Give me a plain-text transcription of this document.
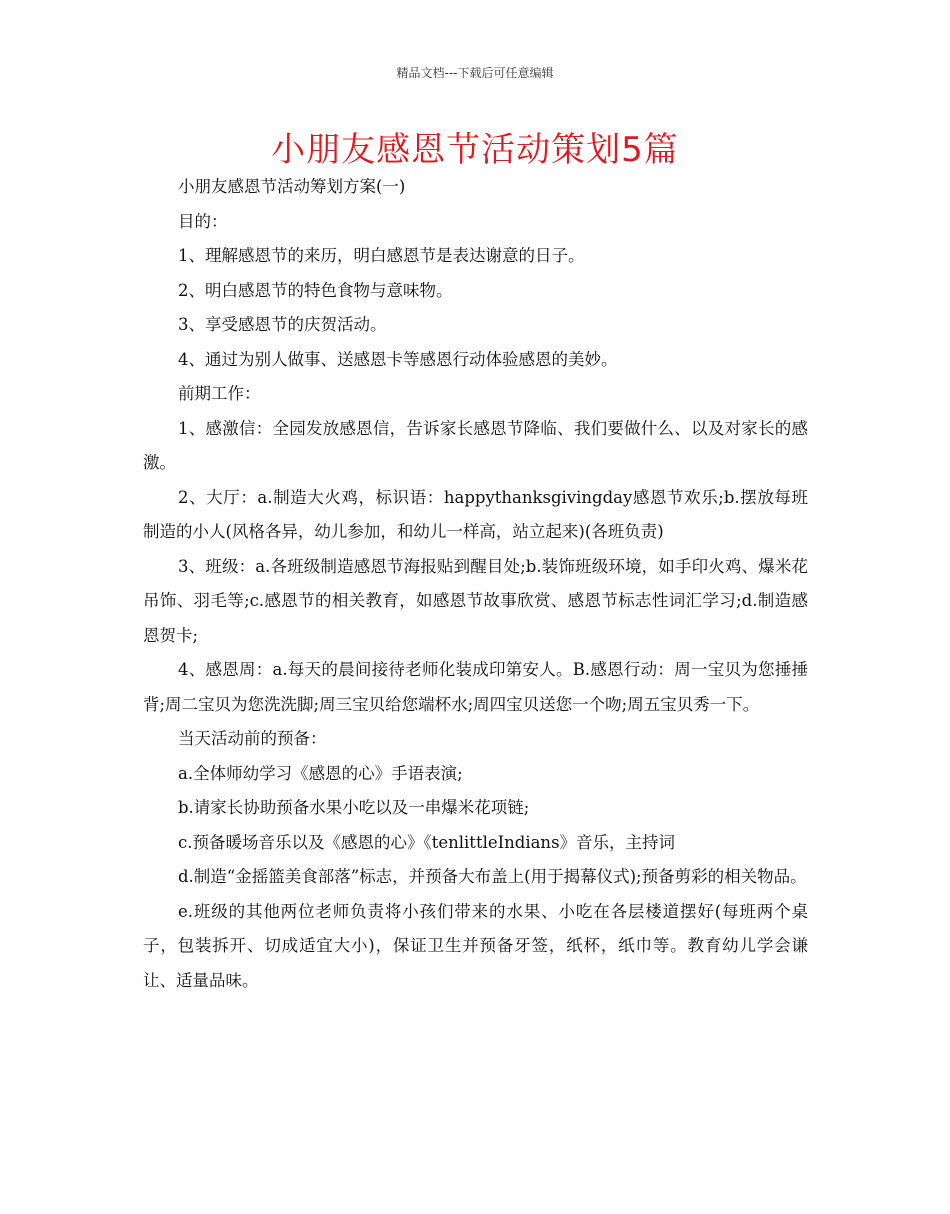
精品文档---下载后可任意编辑
小朋友感恩节活动策划5篇

小朋友感恩节活动筹划方案(一)

目的：

1、理解感恩节的来历，明白感恩节是表达谢意的日子。

2、明白感恩节的特色食物与意味物。

3、享受感恩节的庆贺活动。

4、通过为别人做事、送感恩卡等感恩行动体验感恩的美妙。

前期工作：

1、感激信：全园发放感恩信，告诉家长感恩节降临、我们要做什么、以及对家长的感激。

2、大厅：a.制造大火鸡，标识语：happythanksgivingday感恩节欢乐;b.摆放每班制造的小人(风格各异，幼儿参加，和幼儿一样高，站立起来)(各班负责)

3、班级：a.各班级制造感恩节海报贴到醒目处;b.装饰班级环境，如手印火鸡、爆米花吊饰、羽毛等;c.感恩节的相关教育，如感恩节故事欣赏、感恩节标志性词汇学习;d.制造感恩贺卡;

4、感恩周：a.每天的晨间接待老师化装成印第安人。B.感恩行动：周一宝贝为您捶捶背;周二宝贝为您洗洗脚;周三宝贝给您端杯水;周四宝贝送您一个吻;周五宝贝秀一下。

当天活动前的预备：

a.全体师幼学习《感恩的心》手语表演;

b.请家长协助预备水果小吃以及一串爆米花项链;

c.预备暖场音乐以及《感恩的心》《tenlittleIndians》音乐，主持词

d.制造“金摇篮美食部落”标志，并预备大布盖上(用于揭幕仪式);预备剪彩的相关物品。

e.班级的其他两位老师负责将小孩们带来的水果、小吃在各层楼道摆好(每班两个桌子，包装拆开、切成适宜大小)，保证卫生并预备牙签，纸杯，纸巾等。教育幼儿学会谦让、适量品味。
